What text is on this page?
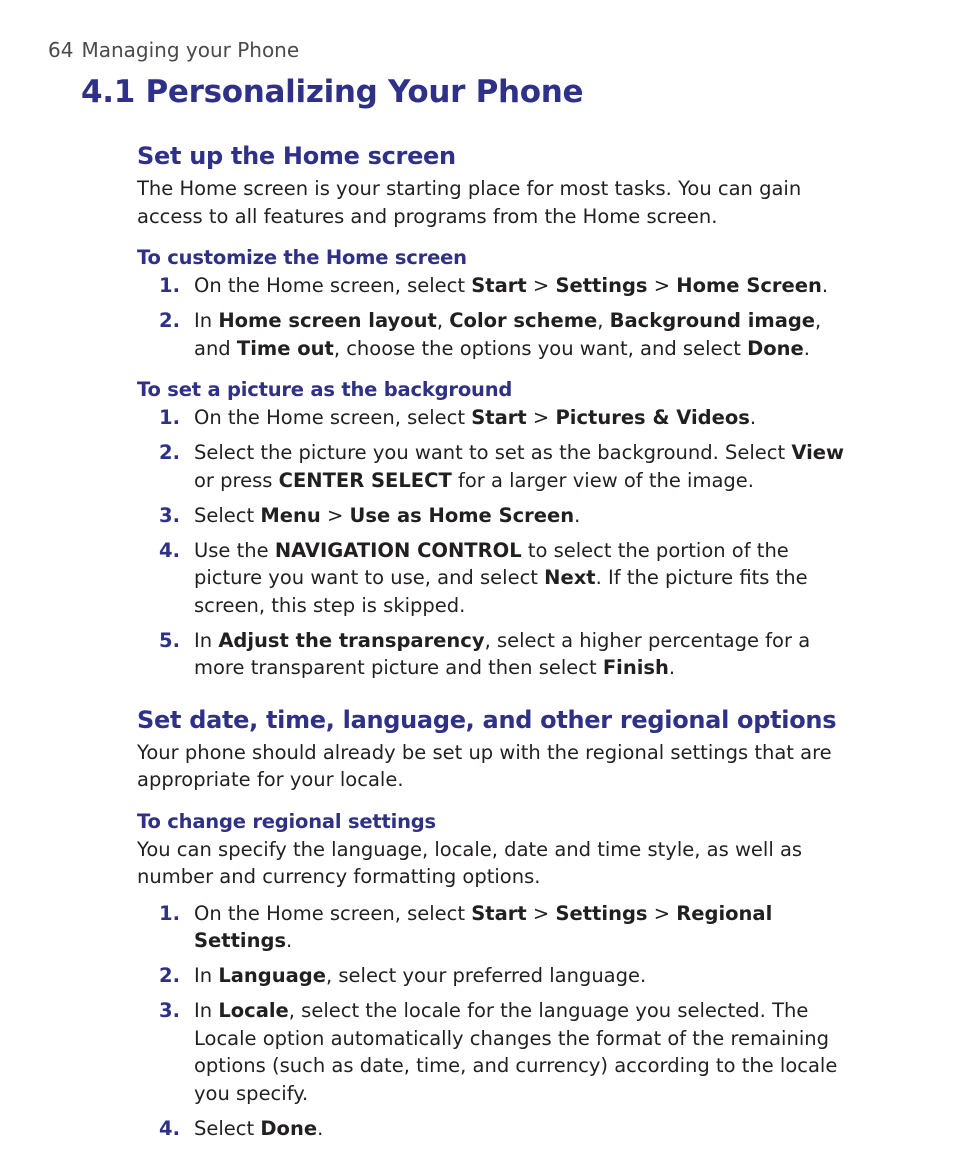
64 Managing your Phone
4.1 Personalizing Your Phone
Set up the Home screen

The Home screen is your starting place for most tasks. You can gain access to all features and programs from the Home screen.

To customize the Home screen
1. On the Home screen, select Start > Settings > Home Screen.
2. In Home screen layout, Color scheme, Background image, and Time out, choose the options you want, and select Done.
To set a picture as the background
1. On the Home screen, select Start > Pictures & Videos.
2. Select the picture you want to set as the background. Select View or press CENTER SELECT for a larger view of the image.
3. Select Menu > Use as Home Screen.
4. Use the NAVIGATION CONTROL to select the portion of the picture you want to use, and select Next. If the picture fits the screen, this step is skipped.
5. In Adjust the transparency, select a higher percentage for a more transparent picture and then select Finish.
Set date, time, language, and other regional options

Your phone should already be set up with the regional settings that are appropriate for your locale.

To change regional settings

You can specify the language, locale, date and time style, as well as number and currency formatting options.

1. On the Home screen, select Start > Settings > Regional Settings.
2. In Language, select your preferred language.
3. In Locale, select the locale for the language you selected. The Locale option automatically changes the format of the remaining options (such as date, time, and currency) according to the locale you specify.
4. Select Done.
